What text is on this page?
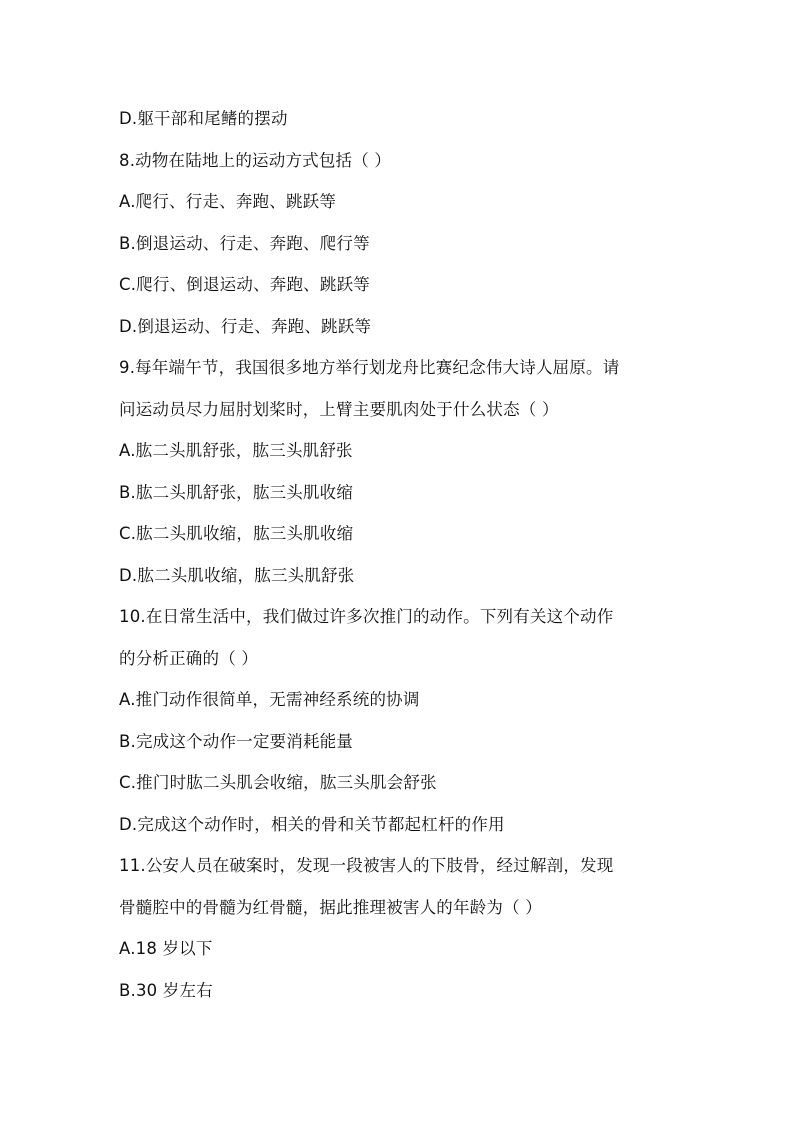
D.躯干部和尾鳍的摆动
8.动物在陆地上的运动方式包括（ ）
A.爬行、行走、奔跑、跳跃等
B.倒退运动、行走、奔跑、爬行等
C.爬行、倒退运动、奔跑、跳跃等
D.倒退运动、行走、奔跑、跳跃等
9.每年端午节，我国很多地方举行划龙舟比赛纪念伟大诗人屈原。请
问运动员尽力屈肘划桨时，上臂主要肌肉处于什么状态（ ）
A.肱二头肌舒张，肱三头肌舒张
B.肱二头肌舒张，肱三头肌收缩
C.肱二头肌收缩，肱三头肌收缩
D.肱二头肌收缩，肱三头肌舒张
10.在日常生活中，我们做过许多次推门的动作。下列有关这个动作
的分析正确的（ ）
A.推门动作很简单，无需神经系统的协调
B.完成这个动作一定要消耗能量
C.推门时肱二头肌会收缩，肱三头肌会舒张
D.完成这个动作时，相关的骨和关节都起杠杆的作用
11.公安人员在破案时，发现一段被害人的下肢骨，经过解剖，发现
骨髓腔中的骨髓为红骨髓，据此推理被害人的年龄为（ ）
A.18 岁以下
B.30 岁左右
